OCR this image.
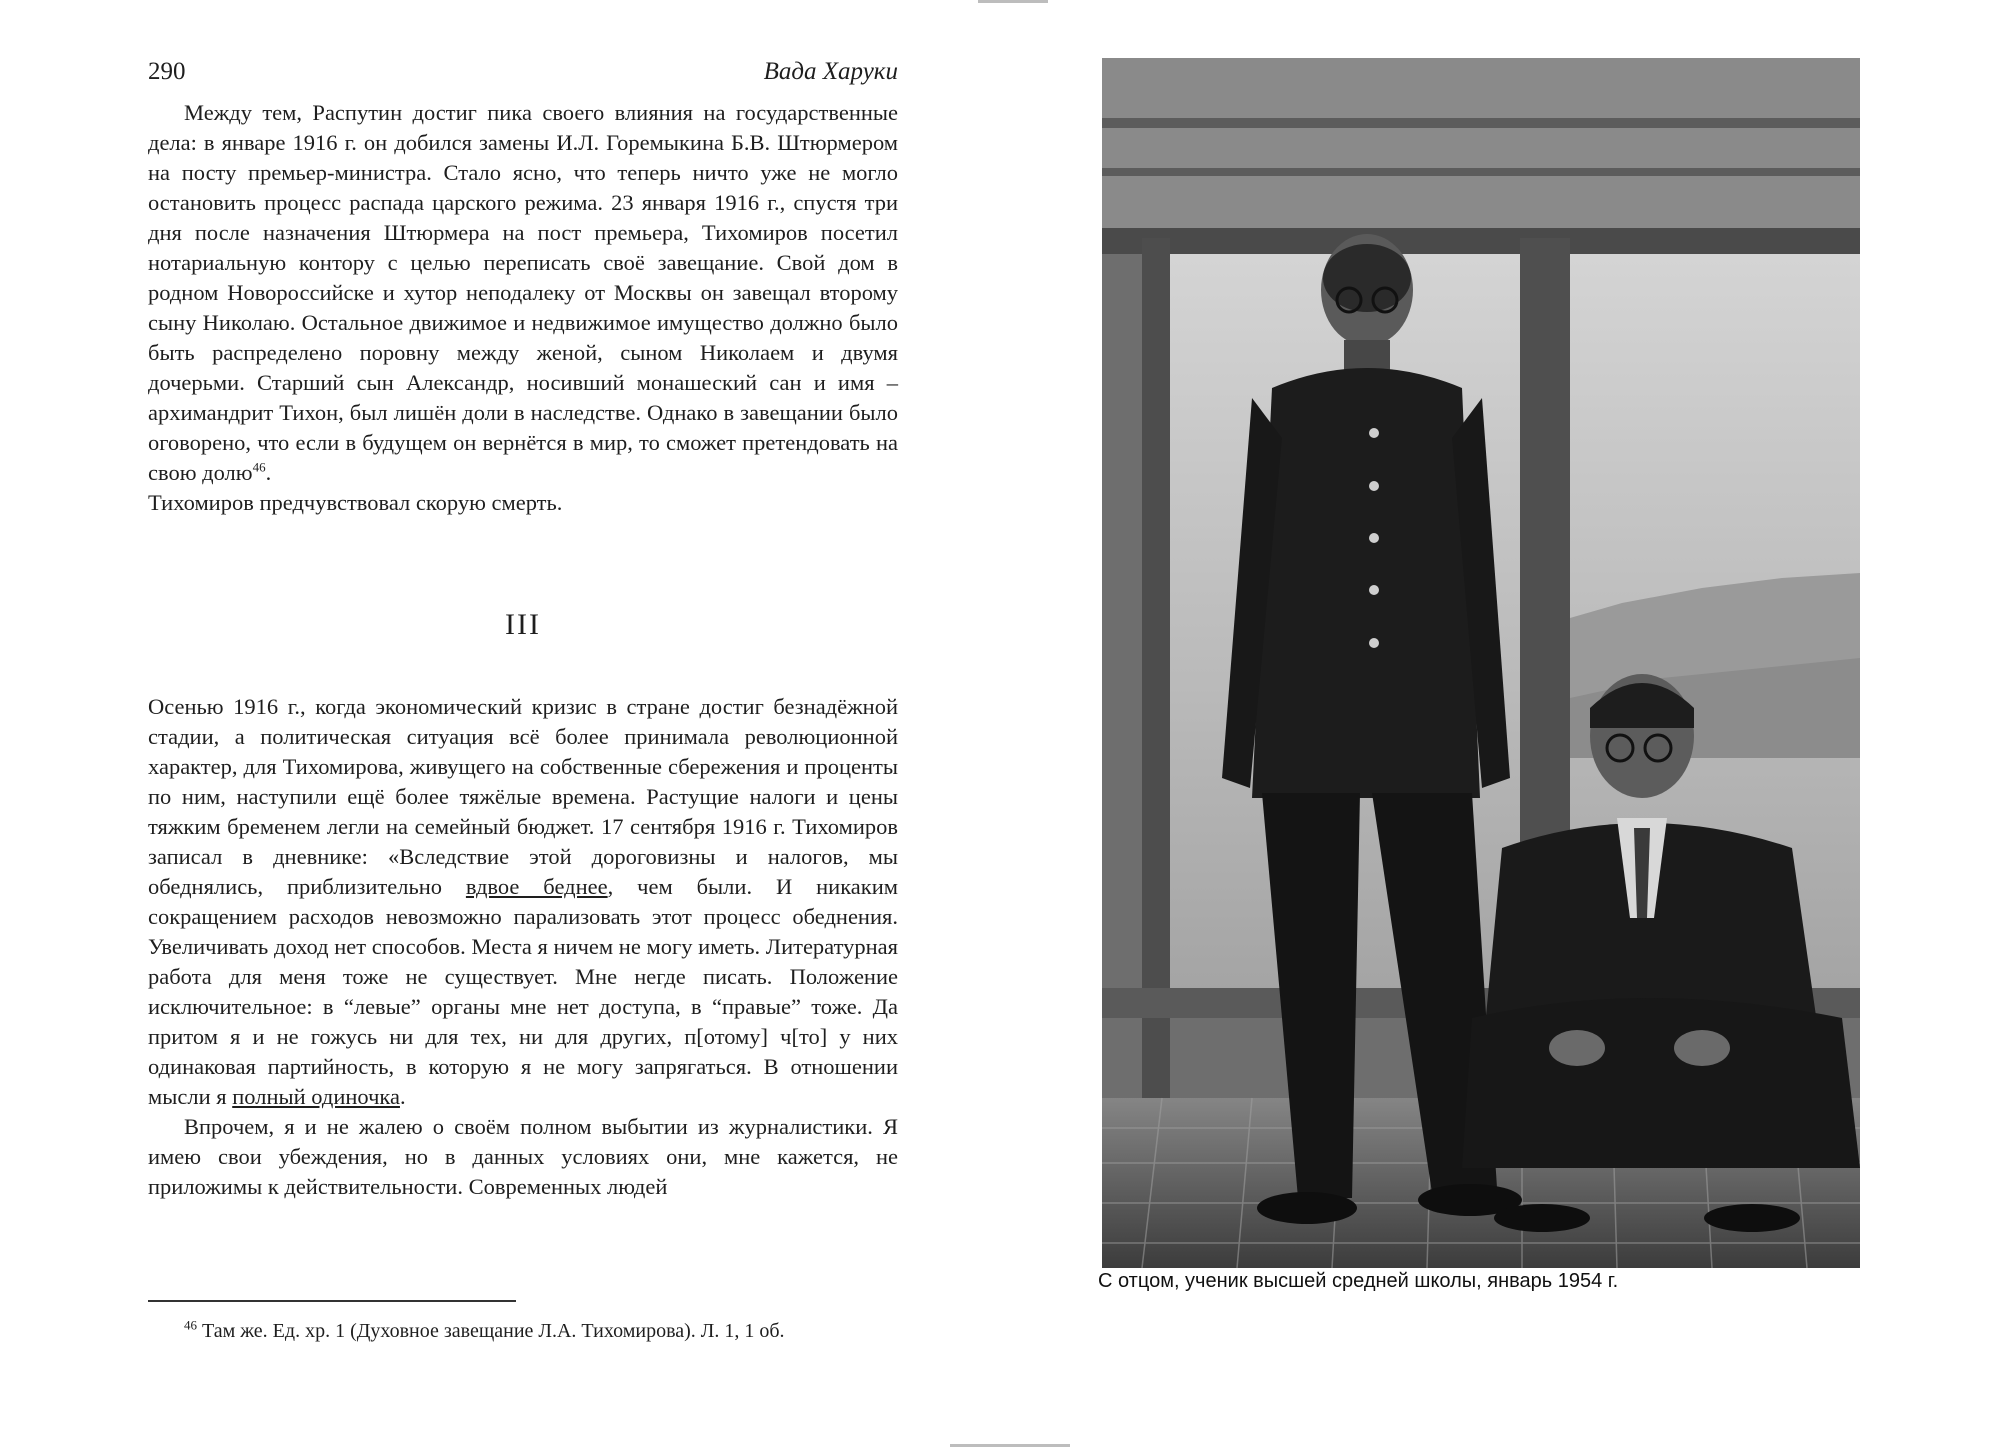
290	Вада Харуки

Между тем, Распутин достиг пика своего влияния на государственные дела: в январе 1916 г. он добился замены И.Л. Горемыкина Б.В. Штюрмером на посту премьер-министра. Стало ясно, что теперь ничто уже не могло остановить процесс распада царского режима. 23 января 1916 г., спустя три дня после назначения Штюрмера на пост премьера, Тихомиров посетил нотариальную контору с целью переписать своё завещание. Свой дом в родном Новороссийске и хутор неподалеку от Москвы он завещал второму сыну Николаю. Остальное движимое и недвижимое имущество должно было быть распределено поровну между женой, сыном Николаем и двумя дочерьми. Старший сын Александр, носивший монашеский сан и имя – архимандрит Тихон, был лишён доли в наследстве. Однако в завещании было оговорено, что если в будущем он вернётся в мир, то сможет претендовать на свою долю$^{46}$.
Тихомиров предчувствовал скорую смерть.

III

Осенью 1916 г., когда экономический кризис в стране достиг безнадёжной стадии, а политическая ситуация всё более принимала революционной характер, для Тихомирова, живущего на собственные сбережения и проценты по ним, наступили ещё более тяжёлые времена. Растущие налоги и цены тяжким бременем легли на семейный бюджет. 17 сентября 1916 г. Тихомиров записал в дневнике: «Вследствие этой дороговизны и налогов, мы обеднялись, приблизительно вдвое беднее, чем были. И никаким сокращением расходов невозможно парализовать этот процесс обеднения. Увеличивать доход нет способов. Места я ничем не могу иметь. Литературная работа для меня тоже не существует. Мне негде писать. Положение исключительное: в “левые” органы мне нет доступа, в “правые” тоже. Да притом я и не гожусь ни для тех, ни для других, п[отому] ч[то] у них одинаковая партийность, в которую я не могу запрягаться. В отношении мысли я полный одиночка.

Впрочем, я и не жалею о своём полном выбытии из журналистики. Я имею свои убеждения, но в данных условиях они, мне кажется, не приложимы к действительности. Современных людей

$^{46}$ Там же. Ед. хр. 1 (Духовное завещание Л.А. Тихомирова). Л. 1, 1 об.
С отцом, ученик высшей средней школы, январь 1954 г.
